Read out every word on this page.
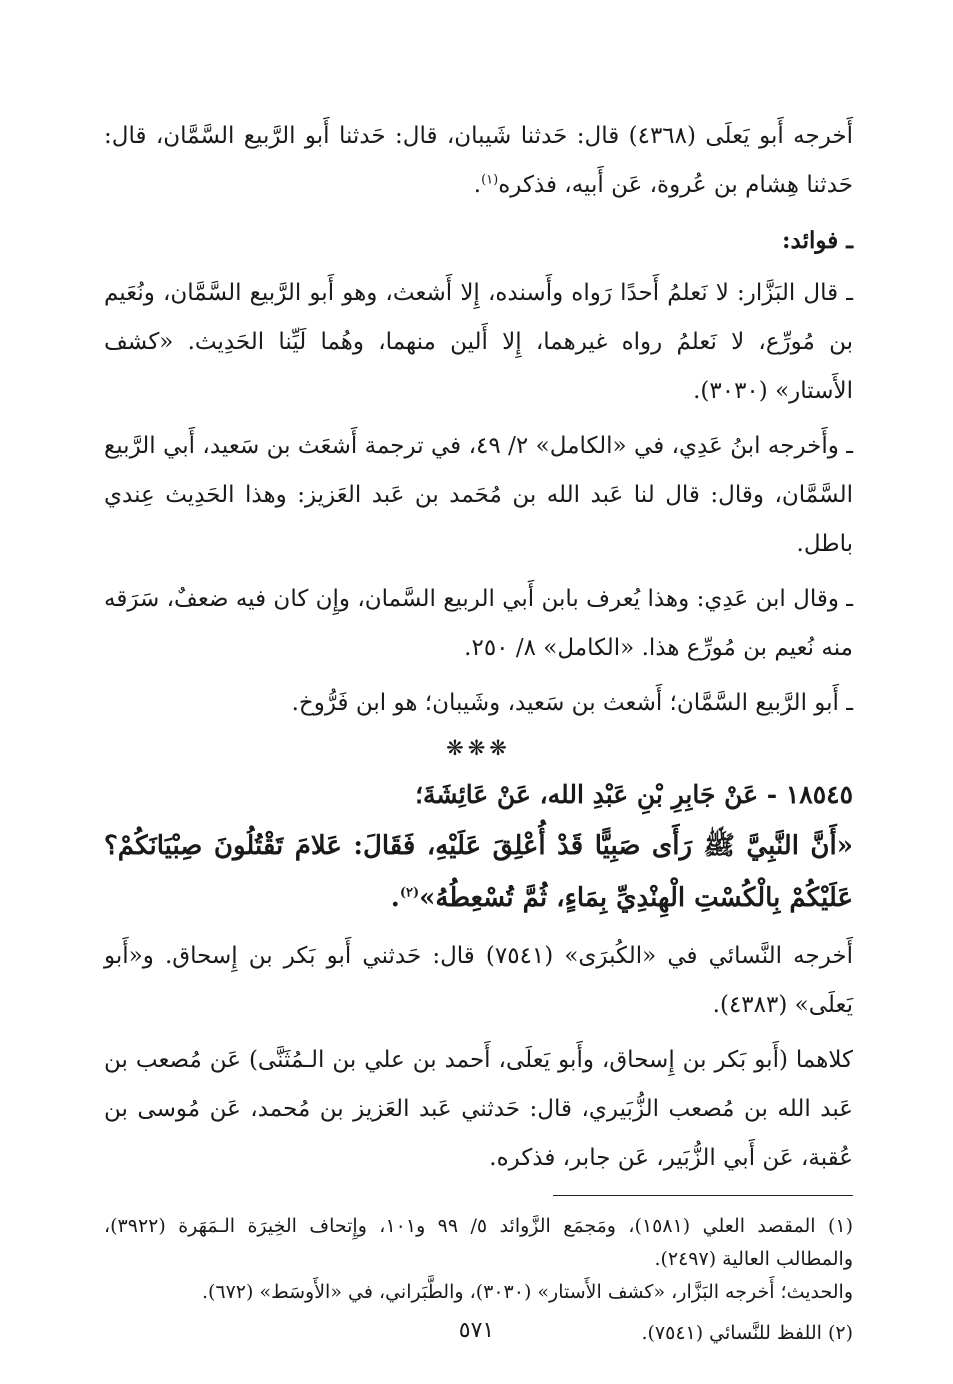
أَخرجه أَبو يَعلَى (٤٣٦٨) قال: حَدثنا شَيبان، قال: حَدثنا أَبو الرَّبيع السَّمَّان، قال: حَدثنا هِشام بن عُروة، عَن أَبيه، فذكره$^{(١)}$.

ـ فوائد:

ـ قال البَزَّار: لا نَعلمُ أَحدًا رَواه وأَسنده، إِلا أَشعث، وهو أَبو الرَّبيع السَّمَّان، ونُعَيم بن مُورِّع، لا نَعلمُ رواه غيرهما، إِلا أَلين منهما، وهُما لَيِّنا الحَدِيث. «كشف الأَستار» (٣٠٣٠).

ـ وأَخرجه ابنُ عَدِي، في «الكامل» ٢/ ٤٩، في ترجمة أَشعَث بن سَعيد، أَبي الرَّبيع السَّمَّان، وقال: قال لنا عَبد الله بن مُحَمد بن عَبد العَزيز: وهذا الحَدِيث عِندي باطل.

ـ وقال ابن عَدِي: وهذا يُعرف بابن أَبي الربيع السَّمان، وإِن كان فيه ضعفٌ، سَرَقه منه نُعيم بن مُورِّع هذا. «الكامل» ٨/ ٢٥٠.

ـ أَبو الرَّبيع السَّمَّان؛ أَشعث بن سَعيد، وشَيبان؛ هو ابن فَرُّوخ.

❋❋❋

١٨٥٤٥ - عَنْ جَابِرِ بْنِ عَبْدِ الله، عَنْ عَائِشَةَ؛

«أَنَّ النَّبِيَّ ﷺ رَأَى صَبِيًّا قَدْ أُعْلِقَ عَلَيْهِ، فَقَالَ: عَلامَ تَقْتُلُونَ صِبْيَانَكُمْ؟ عَلَيْكُمْ بِالْكُسْتِ الْهِنْدِيِّ بِمَاءٍ، ثُمَّ تُسْعِطُهُ»$^{(٢)}$.

أَخرجه النَّسائي في «الكُبرَى» (٧٥٤١) قال: حَدثني أَبو بَكر بن إِسحاق. و«أَبو يَعلَى» (٤٣٨٣).

كلاهما (أَبو بَكر بن إِسحاق، وأَبو يَعلَى، أَحمد بن علي بن الـمُثَنَّى) عَن مُصعب بن عَبد الله بن مُصعب الزُّبَيري، قال: حَدثني عَبد العَزيز بن مُحمد، عَن مُوسى بن عُقبة، عَن أَبي الزُّبَير، عَن جابر، فذكره.

(١) المقصد العلي (١٥٨١)، ومَجمَع الزَّوائد ٥/ ٩٩ و١٠١، وإِتحاف الخِيرَة الـمَهَرة (٣٩٢٢)، والمطالب العالية (٢٤٩٧).

والحديث؛ أَخرجه البَزَّار، «كشف الأَستار» (٣٠٣٠)، والطَّبَراني، في «الأَوسَط» (٦٧٢).

(٢) اللفظ للنَّسائي (٧٥٤١).

٥٧١
